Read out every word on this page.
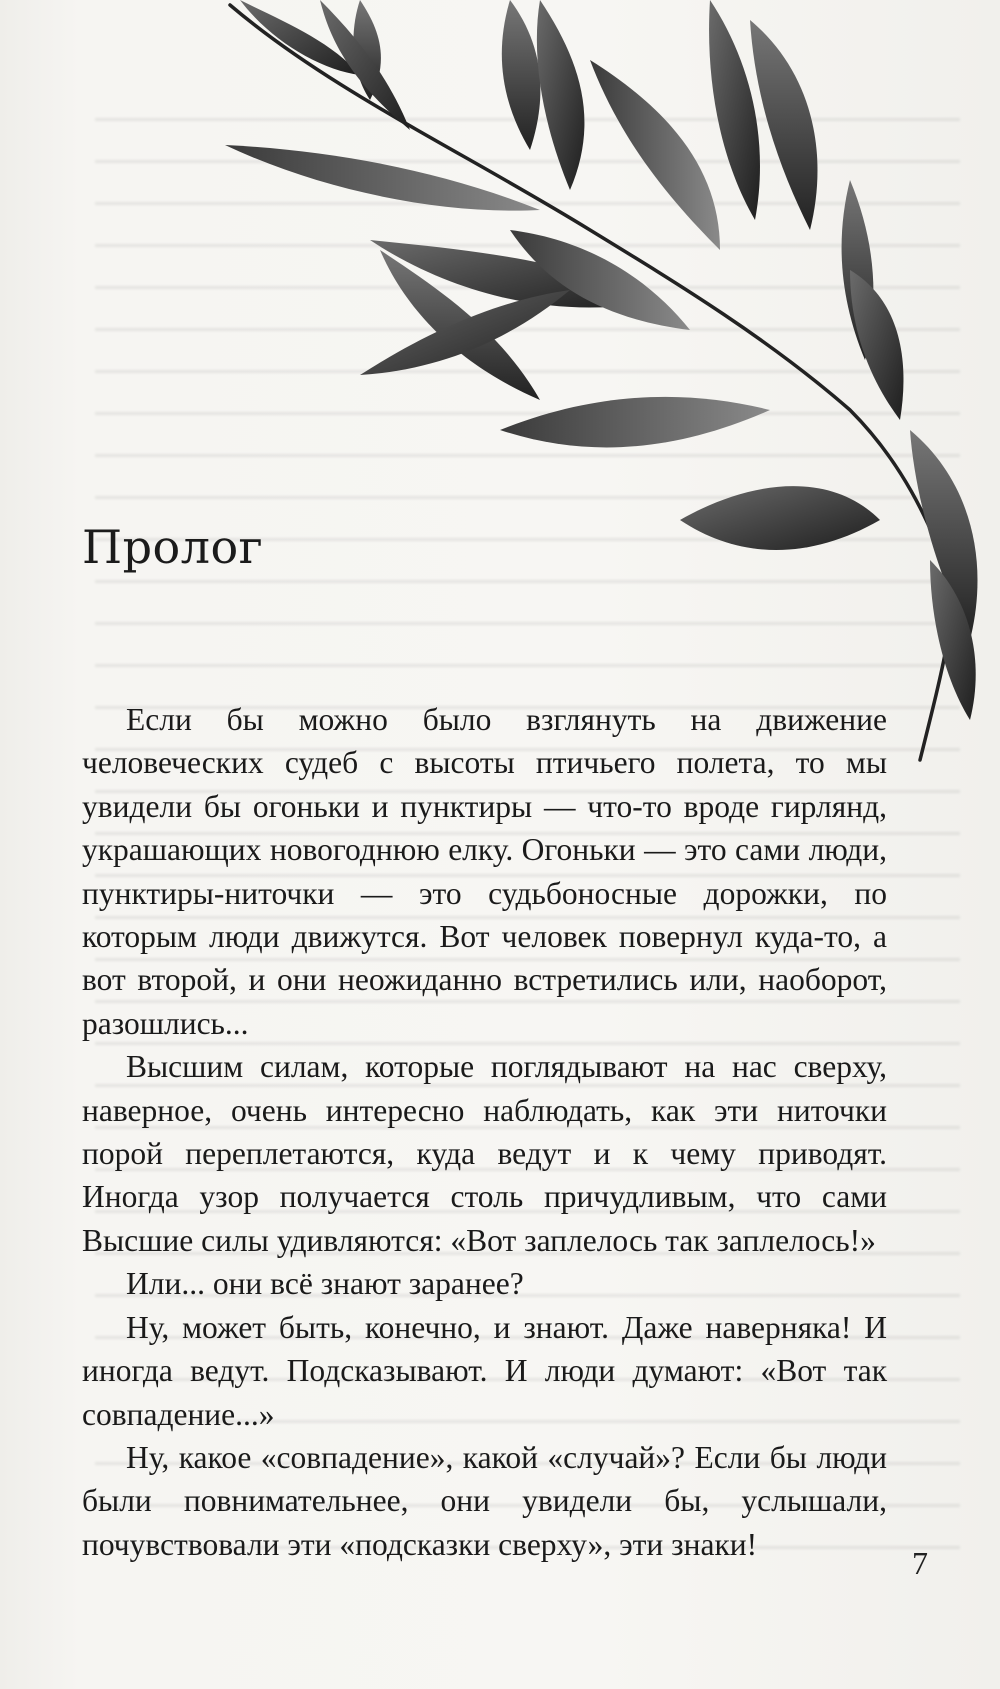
Пролог

Если бы можно было взглянуть на движение человеческих судеб с высоты птичьего полета, то мы увидели бы огоньки и пунктиры — что-то вроде гирлянд, украшающих новогоднюю елку. Огоньки — это сами люди, пунктиры-ниточки — это судьбоносные дорожки, по которым люди движутся. Вот человек повернул куда-то, а вот второй, и они неожиданно встретились или, наоборот, разошлись...

Высшим силам, которые поглядывают на нас сверху, наверное, очень интересно наблюдать, как эти ниточки порой переплетаются, куда ведут и к чему приводят. Иногда узор получается столь причудливым, что сами Высшие силы удивляются: «Вот заплелось так заплелось!»

Или... они всё знают заранее?

Ну, может быть, конечно, и знают. Даже наверняка! И иногда ведут. Подсказывают. И люди думают: «Вот так совпадение...»

Ну, какое «совпадение», какой «случай»? Если бы люди были повнимательнее, они увидели бы, услышали, почувствовали эти «подсказки сверху», эти знаки!

7
